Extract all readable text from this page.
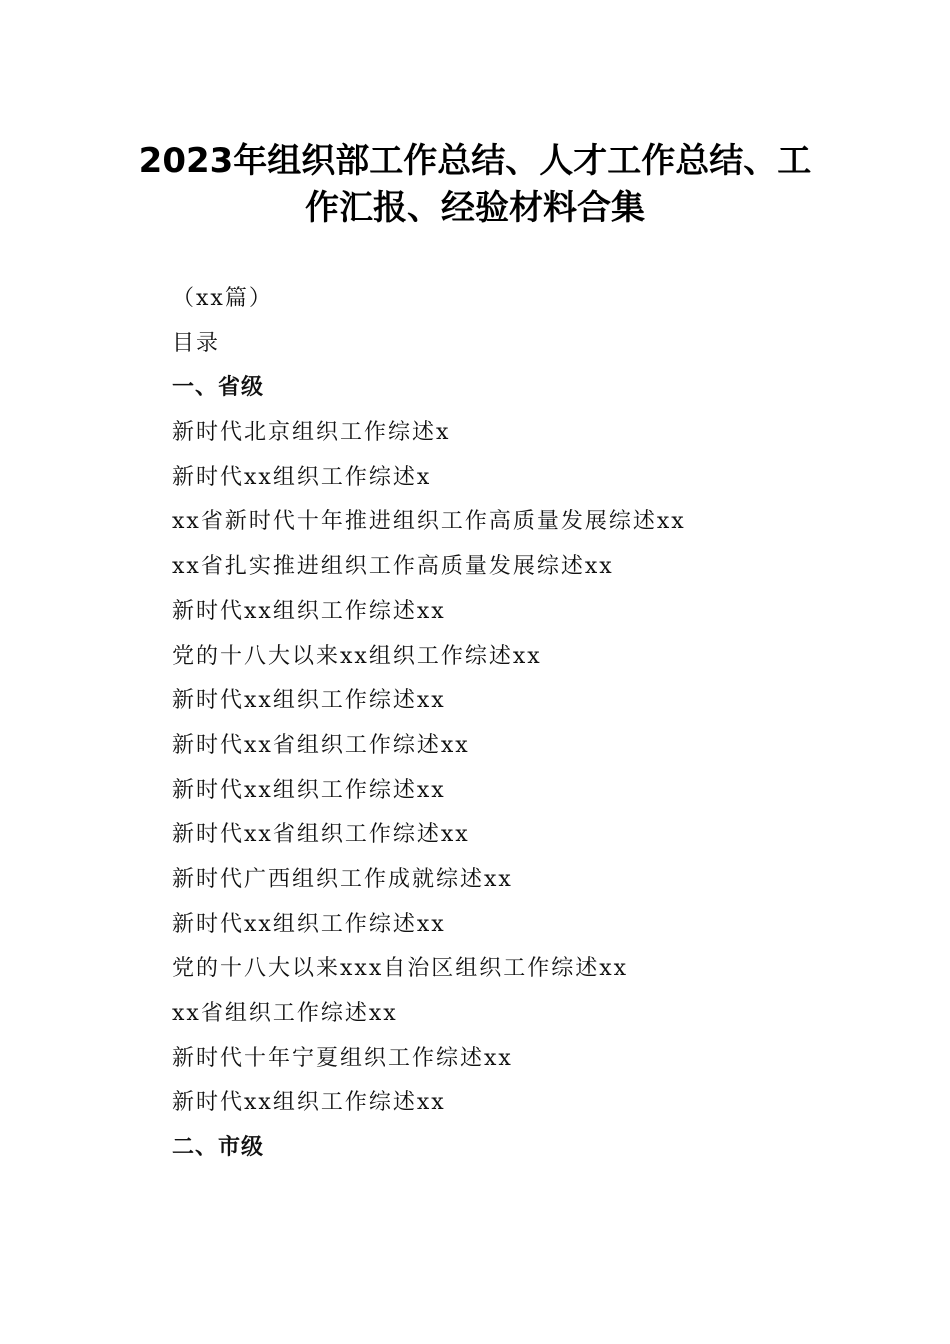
2023年组织部工作总结、人才工作总结、工
作汇报、经验材料合集
（xx篇）
目录
一、省级
新时代北京组织工作综述x
新时代xx组织工作综述x
xx省新时代十年推进组织工作高质量发展综述xx
xx省扎实推进组织工作高质量发展综述xx
新时代xx组织工作综述xx
党的十八大以来xx组织工作综述xx
新时代xx组织工作综述xx
新时代xx省组织工作综述xx
新时代xx组织工作综述xx
新时代xx省组织工作综述xx
新时代广西组织工作成就综述xx
新时代xx组织工作综述xx
党的十八大以来xxx自治区组织工作综述xx
xx省组织工作综述xx
新时代十年宁夏组织工作综述xx
新时代xx组织工作综述xx
二、市级
